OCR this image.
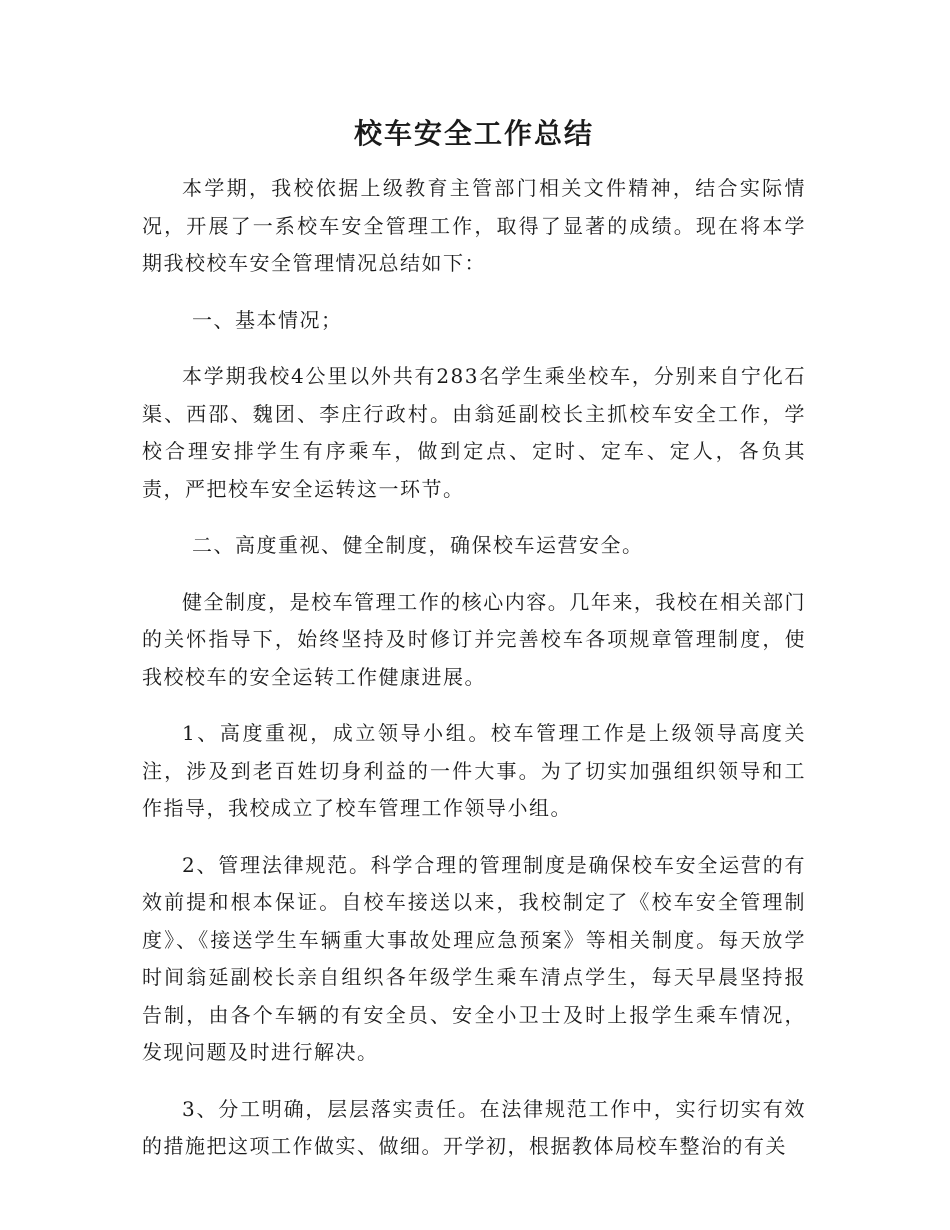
校车安全工作总结

本学期，我校依据上级教育主管部门相关文件精神，结合实际情况，开展了一系校车安全管理工作，取得了显著的成绩。现在将本学期我校校车安全管理情况总结如下：

一、基本情况；

本学期我校4公里以外共有283名学生乘坐校车，分别来自宁化石渠、西邵、魏团、李庄行政村。由翁延副校长主抓校车安全工作，学校合理安排学生有序乘车，做到定点、定时、定车、定人，各负其责，严把校车安全运转这一环节。

二、高度重视、健全制度，确保校车运营安全。

健全制度，是校车管理工作的核心内容。几年来，我校在相关部门的关怀指导下，始终坚持及时修订并完善校车各项规章管理制度，使我校校车的安全运转工作健康进展。

1、高度重视，成立领导小组。校车管理工作是上级领导高度关注，涉及到老百姓切身利益的一件大事。为了切实加强组织领导和工作指导，我校成立了校车管理工作领导小组。

2、管理法律规范。科学合理的管理制度是确保校车安全运营的有效前提和根本保证。自校车接送以来，我校制定了《校车安全管理制度》、《接送学生车辆重大事故处理应急预案》等相关制度。每天放学时间翁延副校长亲自组织各年级学生乘车清点学生，每天早晨坚持报告制，由各个车辆的有安全员、安全小卫士及时上报学生乘车情况，发现问题及时进行解决。

3、分工明确，层层落实责任。在法律规范工作中，实行切实有效的措施把这项工作做实、做细。开学初，根据教体局校车整治的有关
